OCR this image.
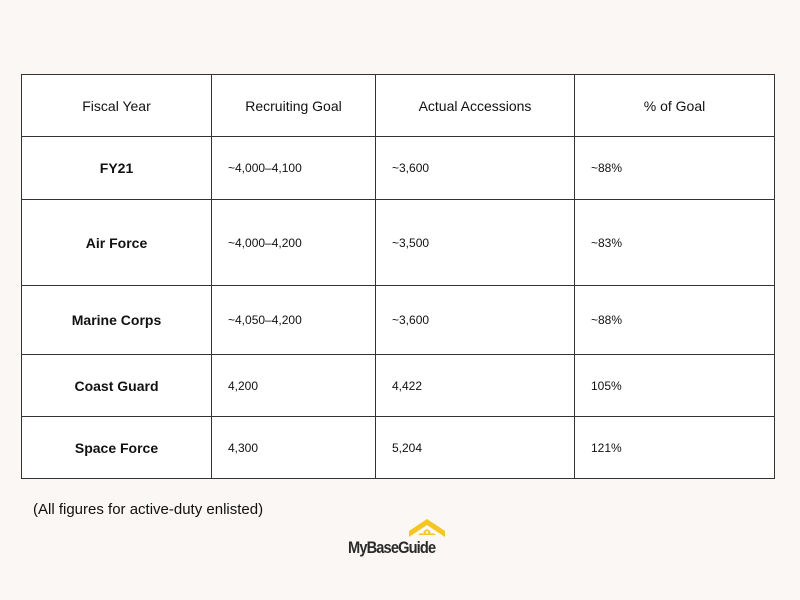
Fiscal Year	Recruiting Goal	Actual Accessions	% of Goal
FY21	~4,000–4,100	~3,600	~88%
Air Force	~4,000–4,200	~3,500	~83%
Marine Corps	~4,050–4,200	~3,600	~88%
Coast Guard	4,200	4,422	105%
Space Force	4,300	5,204	121%
(All figures for active-duty enlisted)
★★★
MyBaseGuide
